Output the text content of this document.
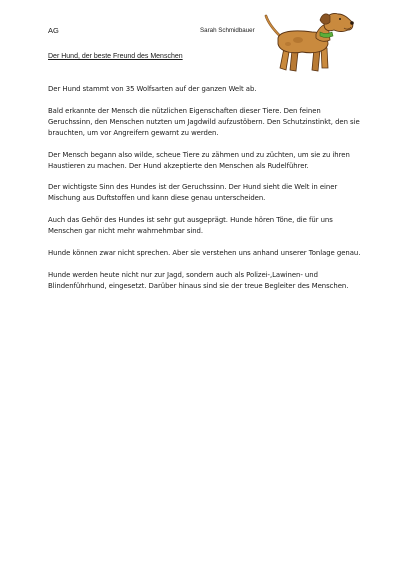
AG	Sarah Schmidbauer
Der Hund, der beste Freund des Menschen

Der Hund stammt von 35 Wolfsarten auf der ganzen Welt ab.

Bald erkannte der Mensch die nützlichen Eigenschaften dieser Tiere. Den feinen Geruchssinn, den Menschen nutzten um Jagdwild aufzustöbern. Den Schutzinstinkt, den sie brauchten, um vor Angreifern gewarnt zu werden.

Der Mensch begann also wilde, scheue Tiere zu zähmen und zu züchten, um sie zu ihren Haustieren zu machen. Der Hund akzeptierte den Menschen als Rudelführer.

Der wichtigste Sinn des Hundes ist der Geruchssinn. Der Hund sieht die Welt in einer Mischung aus Duftstoffen und kann diese genau unterscheiden.

Auch das Gehör des Hundes ist sehr gut ausgeprägt. Hunde hören Töne, die für uns Menschen gar nicht mehr wahrnehmbar sind.

Hunde können zwar nicht sprechen. Aber sie verstehen uns anhand unserer Tonlage genau.

Hunde werden heute nicht nur zur Jagd, sondern auch als Polizei-,Lawinen- und Blindenführhund, eingesetzt. Darüber hinaus sind sie der treue Begleiter des Menschen.
